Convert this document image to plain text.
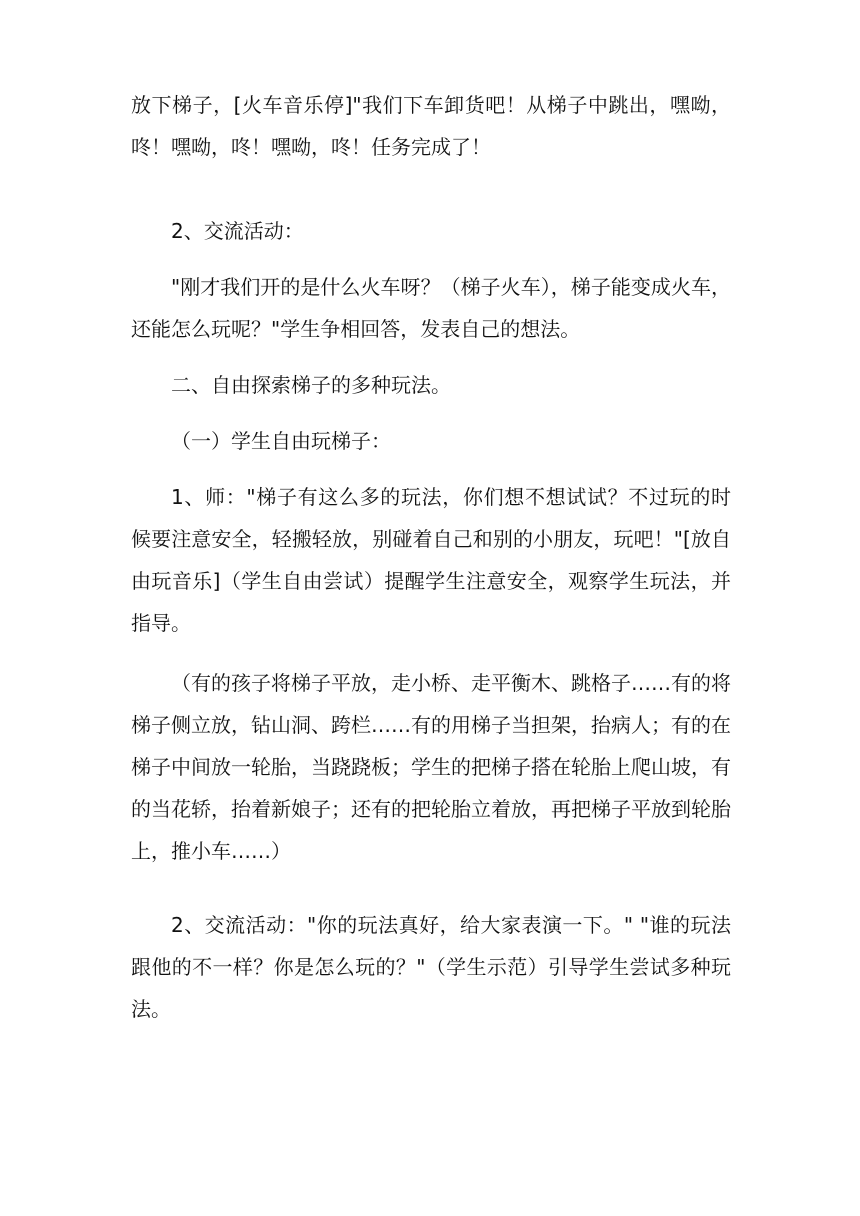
放下梯子，[火车音乐停]"我们下车卸货吧！从梯子中跳出，嘿呦，咚！嘿呦，咚！嘿呦，咚！任务完成了！

2、交流活动：

"刚才我们开的是什么火车呀？（梯子火车），梯子能变成火车，还能怎么玩呢？"学生争相回答，发表自己的想法。

二、自由探索梯子的多种玩法。

（一）学生自由玩梯子：

1、师："梯子有这么多的玩法，你们想不想试试？不过玩的时候要注意安全，轻搬轻放，别碰着自己和别的小朋友，玩吧！"[放自由玩音乐]（学生自由尝试）提醒学生注意安全，观察学生玩法，并指导。

（有的孩子将梯子平放，走小桥、走平衡木、跳格子……有的将梯子侧立放，钻山洞、跨栏……有的用梯子当担架，抬病人；有的在梯子中间放一轮胎，当跷跷板；学生的把梯子搭在轮胎上爬山坡，有的当花轿，抬着新娘子；还有的把轮胎立着放，再把梯子平放到轮胎上，推小车……）

2、交流活动："你的玩法真好，给大家表演一下。" "谁的玩法跟他的不一样？你是怎么玩的？"（学生示范）引导学生尝试多种玩法。
